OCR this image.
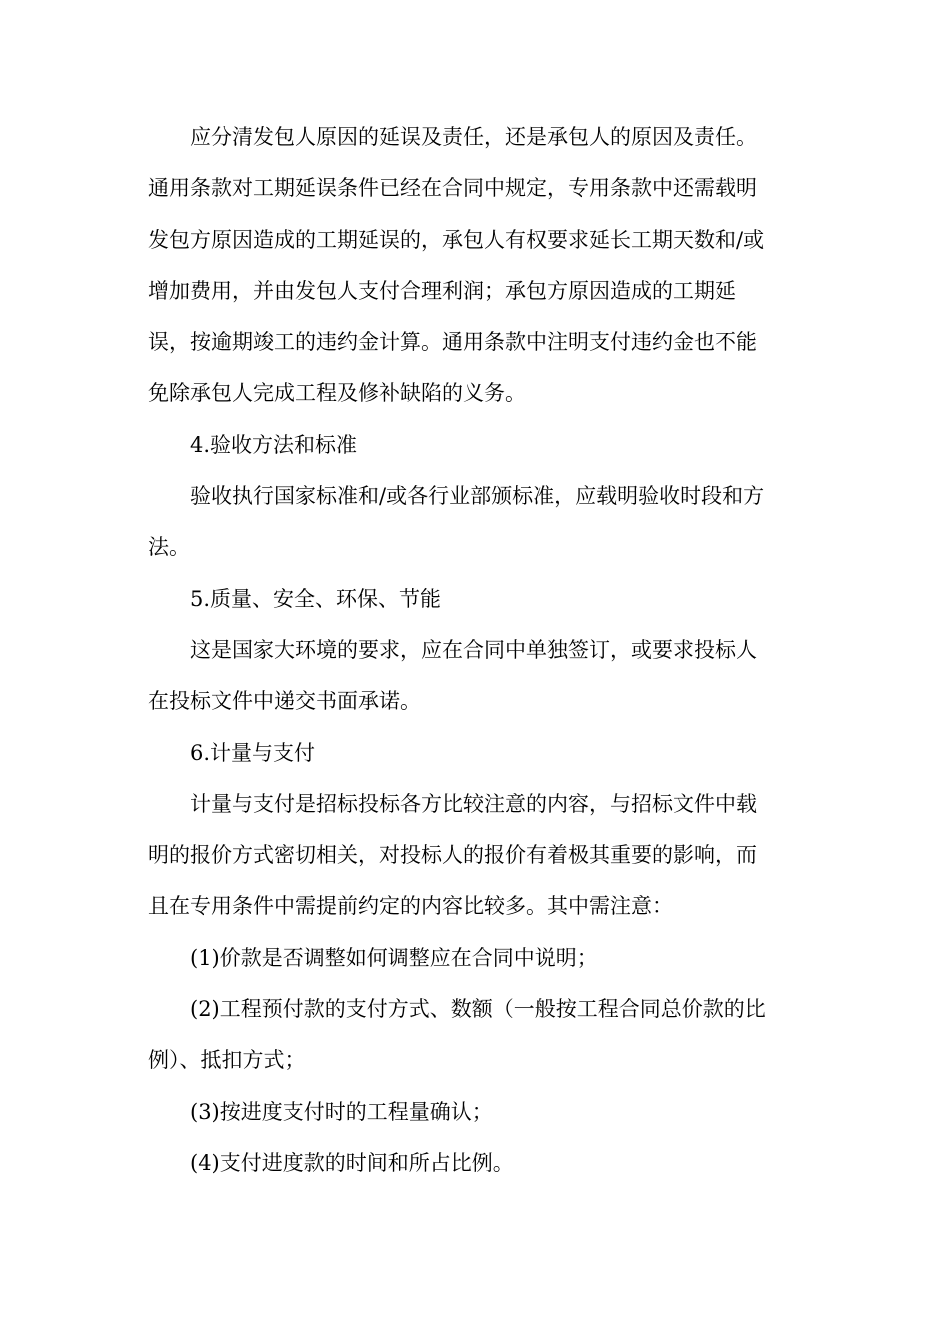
应分清发包人原因的延误及责任，还是承包人的原因及责任。
通用条款对工期延误条件已经在合同中规定，专用条款中还需载明
发包方原因造成的工期延误的，承包人有权要求延长工期天数和/或
增加费用，并由发包人支付合理利润；承包方原因造成的工期延
误，按逾期竣工的违约金计算。通用条款中注明支付违约金也不能
免除承包人完成工程及修补缺陷的义务。
4.验收方法和标准
验收执行国家标准和/或各行业部颁标准，应载明验收时段和方
法。
5.质量、安全、环保、节能
这是国家大环境的要求，应在合同中单独签订，或要求投标人
在投标文件中递交书面承诺。
6.计量与支付
计量与支付是招标投标各方比较注意的内容，与招标文件中载
明的报价方式密切相关，对投标人的报价有着极其重要的影响，而
且在专用条件中需提前约定的内容比较多。其中需注意：
(1)价款是否调整如何调整应在合同中说明；
(2)工程预付款的支付方式、数额（一般按工程合同总价款的比
例）、抵扣方式；
(3)按进度支付时的工程量确认；
(4)支付进度款的时间和所占比例。
